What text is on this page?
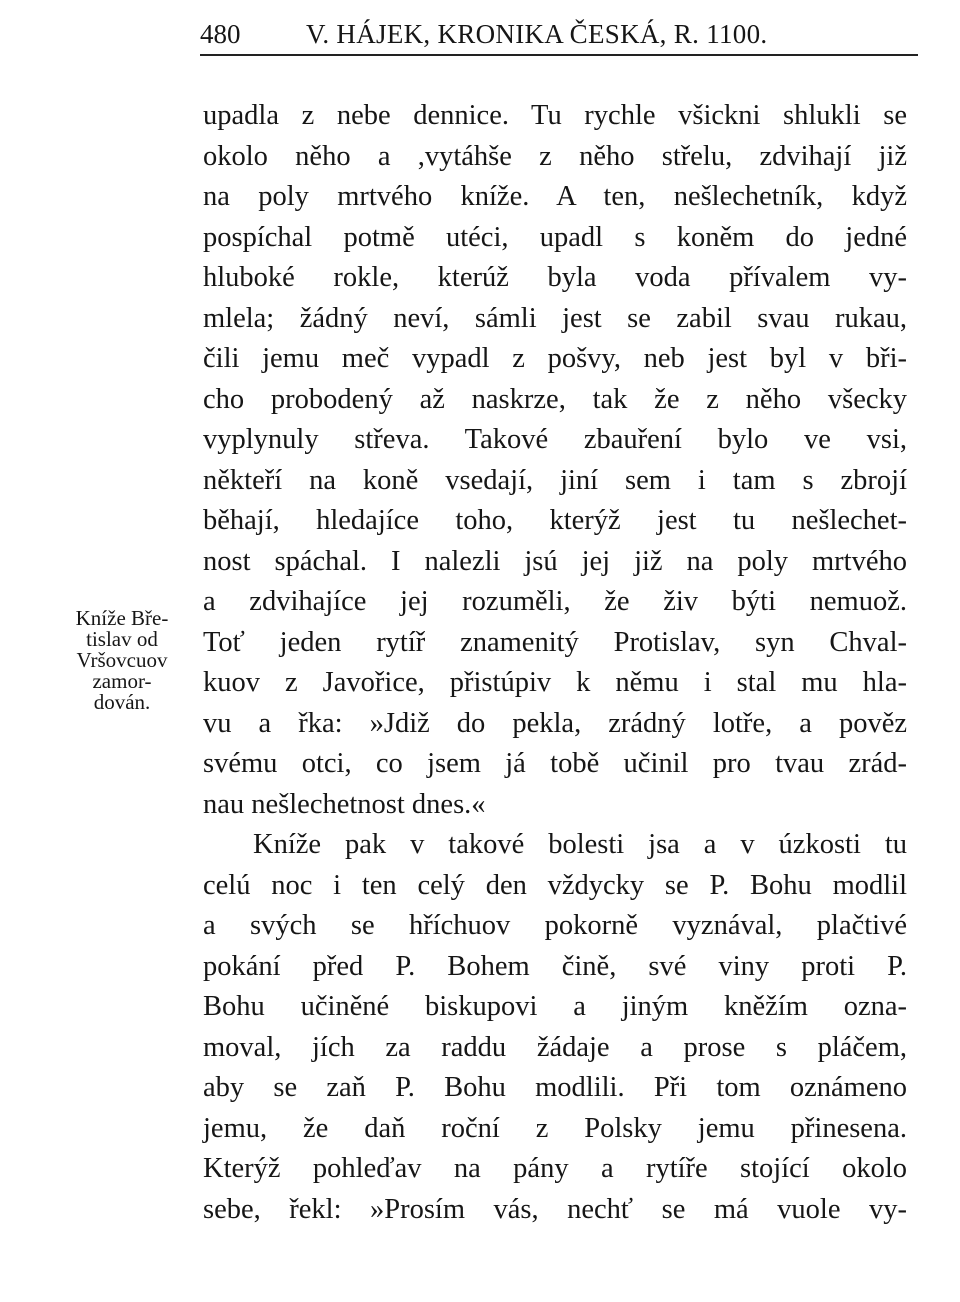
480 V. HÁJEK, KRONIKA ČESKÁ, R. 1100.
Kníže Bře-
tislav od
Vršovcuov
zamor-
dován.
upadla z nebe dennice. Tu rychle všickni shlukli se
okolo něho a ,vytáhše z něho střelu, zdvihají již
na poly mrtvého kníže. A ten, nešlechetník, když
pospíchal potmě utéci, upadl s koněm do jedné
hluboké rokle, kterúž byla voda přívalem vy-
mlela; žádný neví, sámli jest se zabil svau rukau,
čili jemu meč vypadl z pošvy, neb jest byl v bři-
cho probodený až naskrze, tak že z něho všecky
vyplynuly střeva. Takové zbauření bylo ve vsi,
někteří na koně vsedají, jiní sem i tam s zbrojí
běhají, hledajíce toho, kterýž jest tu nešlechet-
nost spáchal. I nalezli jsú jej již na poly mrtvého
a zdvihajíce jej rozuměli, že živ býti nemuož.
Toť jeden rytíř znamenitý Protislav, syn Chval-
kuov z Javořice, přistúpiv k němu i stal mu hla-
vu a řka: »Jdiž do pekla, zrádný lotře, a pověz
svému otci, co jsem já tobě učinil pro tvau zrád-
nau nešlechetnost dnes.«
Kníže pak v takové bolesti jsa a v úzkosti tu
celú noc i ten celý den vždycky se P. Bohu modlil
a svých se hříchuov pokorně vyznával, plačtivé
pokání před P. Bohem čině, své viny proti P.
Bohu učiněné biskupovi a jiným kněžím ozna-
moval, jích za raddu žádaje a prose s pláčem,
aby se zaň P. Bohu modlili. Při tom oznámeno
jemu, že daň roční z Polsky jemu přinesena.
Kterýž pohleďav na pány a rytíře stojící okolo
sebe, řekl: »Prosím vás, nechť se má vuole vy-
